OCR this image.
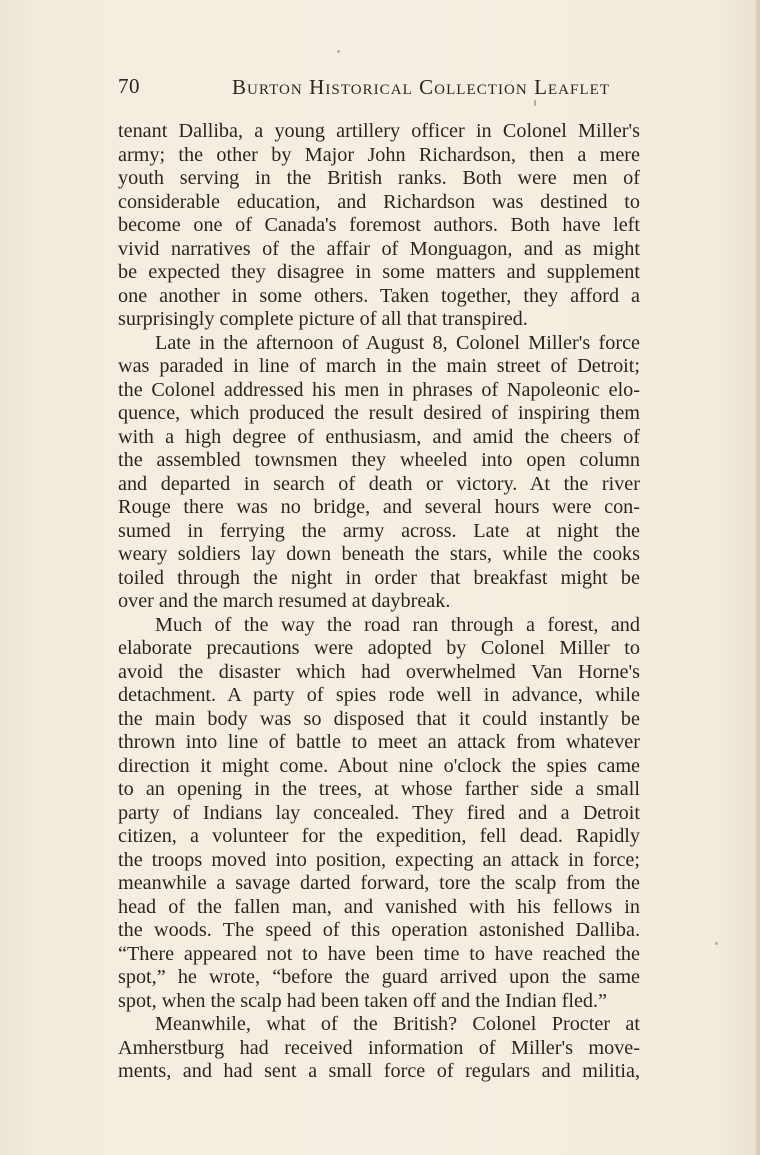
70	Burton Historical Collection Leaflet
tenant Dalliba, a young artillery officer in Colonel Miller's
army; the other by Major John Richardson, then a mere
youth serving in the British ranks. Both were men of
considerable education, and Richardson was destined to
become one of Canada's foremost authors. Both have left
vivid narratives of the affair of Monguagon, and as might
be expected they disagree in some matters and supplement
one another in some others. Taken together, they afford a
surprisingly complete picture of all that transpired.
Late in the afternoon of August 8, Colonel Miller's force
was paraded in line of march in the main street of Detroit;
the Colonel addressed his men in phrases of Napoleonic elo-
quence, which produced the result desired of inspiring them
with a high degree of enthusiasm, and amid the cheers of
the assembled townsmen they wheeled into open column
and departed in search of death or victory. At the river
Rouge there was no bridge, and several hours were con-
sumed in ferrying the army across. Late at night the
weary soldiers lay down beneath the stars, while the cooks
toiled through the night in order that breakfast might be
over and the march resumed at daybreak.
Much of the way the road ran through a forest, and
elaborate precautions were adopted by Colonel Miller to
avoid the disaster which had overwhelmed Van Horne's
detachment. A party of spies rode well in advance, while
the main body was so disposed that it could instantly be
thrown into line of battle to meet an attack from whatever
direction it might come. About nine o'clock the spies came
to an opening in the trees, at whose farther side a small
party of Indians lay concealed. They fired and a Detroit
citizen, a volunteer for the expedition, fell dead. Rapidly
the troops moved into position, expecting an attack in force;
meanwhile a savage darted forward, tore the scalp from the
head of the fallen man, and vanished with his fellows in
the woods. The speed of this operation astonished Dalliba.
“There appeared not to have been time to have reached the
spot,” he wrote, “before the guard arrived upon the same
spot, when the scalp had been taken off and the Indian fled.”
Meanwhile, what of the British? Colonel Procter at
Amherstburg had received information of Miller's move-
ments, and had sent a small force of regulars and militia,
